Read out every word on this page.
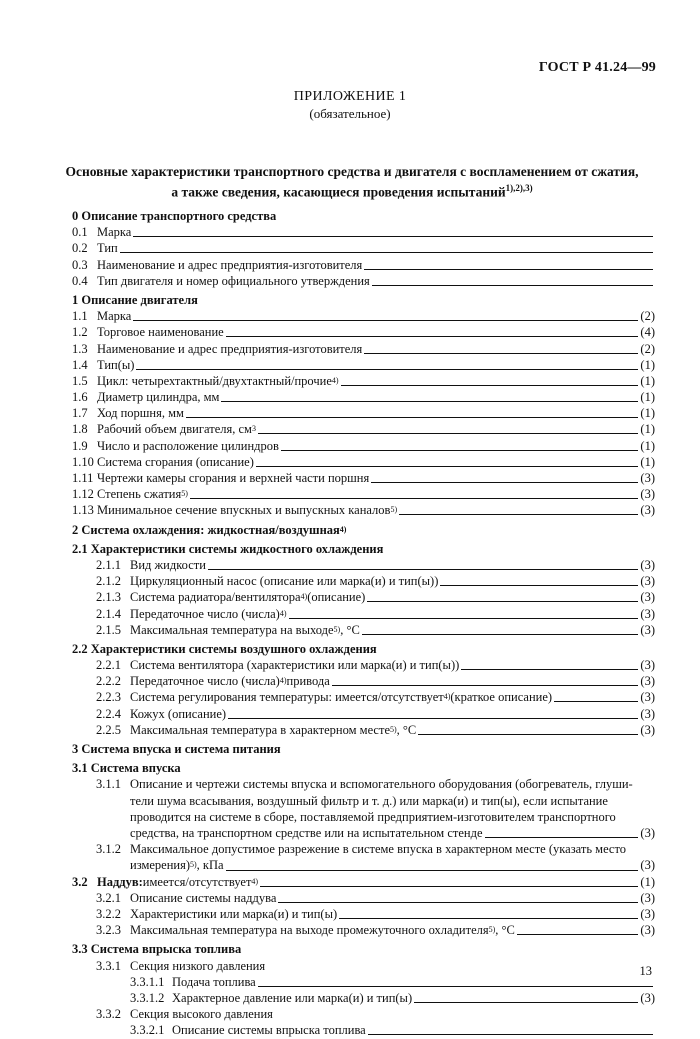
ГОСТ Р 41.24—99
ПРИЛОЖЕНИЕ 1
(обязательное)
Основные характеристики транспортного средства и двигателя с воспламенением от сжатия,
а также сведения, касающиеся проведения испытаний$^{1),2),3)}$
0 Описание транспортного средства
0.1 Марка
0.2 Тип
0.3 Наименование и адрес предприятия-изготовителя
0.4 Тип двигателя и номер официального утверждения
1 Описание двигателя
1.1 Марка	(2)
1.2 Торговое наименование	(4)
1.3 Наименование и адрес предприятия-изготовителя	(2)
1.4 Тип(ы)	(1)
1.5 Цикл: четырехтактный/двухтактный/прочие 4)	(1)
1.6 Диаметр цилиндра, мм	(1)
1.7 Ход поршня, мм	(1)
1.8 Рабочий объем двигателя, см 3	(1)
1.9 Число и расположение цилиндров	(1)
1.10 Система сгорания (описание)	(1)
1.11 Чертежи камеры сгорания и верхней части поршня	(3)
1.12 Степень сжатия 5)	(3)
1.13 Минимальное сечение впускных и выпускных каналов 5)	(3)
2 Система охлаждения: жидкостная/воздушная 4)
2.1 Характеристики системы жидкостного охлаждения
2.1.1 Вид жидкости	(3)
2.1.2 Циркуляционный насос (описание или марка(и) и тип(ы))	(3)
2.1.3 Система радиатора/вентилятора 4) (описание)	(3)
2.1.4 Передаточное число (числа) 4)	(3)
2.1.5 Максимальная температура на выходе 5) , °С	(3)
2.2 Характеристики системы воздушного охлаждения
2.2.1 Система вентилятора (характеристики или марка(и) и тип(ы))	(3)
2.2.2 Передаточное число (числа) 4) привода	(3)
2.2.3 Система регулирования температуры: имеется/отсутствует 4) (краткое описание)	(3)
2.2.4 Кожух (описание)	(3)
2.2.5 Максимальная температура в характерном месте 5) , °С	(3)
3 Система впуска и система питания
3.1 Система впуска
3.1.1 Описание и чертежи системы впуска и вспомогательного оборудования (обогреватель, глуши-
тели шума всасывания, воздушный фильтр и т. д.) или марка(и) и тип(ы), если испытание
проводится на системе в сборе, поставляемой предприятием-изготовителем транспортного
средства, на транспортном средстве или на испытательном стенде	(3)
3.1.2 Максимальное допустимое разрежение в системе впуска в характерном месте (указать место
измерения) 5) , кПа	(3)
3.2 Наддув: имеется/отсутствует 4)	(1)
3.2.1 Описание системы наддува	(3)
3.2.2 Характеристики или марка(и) и тип(ы)	(3)
3.2.3 Максимальная температура на выходе промежуточного охладителя 5) , °С	(3)
3.3 Система впрыска топлива
3.3.1 Секция низкого давления
3.3.1.1 Подача топлива
3.3.1.2 Характерное давление или марка(и) и тип(ы)	(3)
3.3.2 Секция высокого давления
3.3.2.1 Описание системы впрыска топлива
13
